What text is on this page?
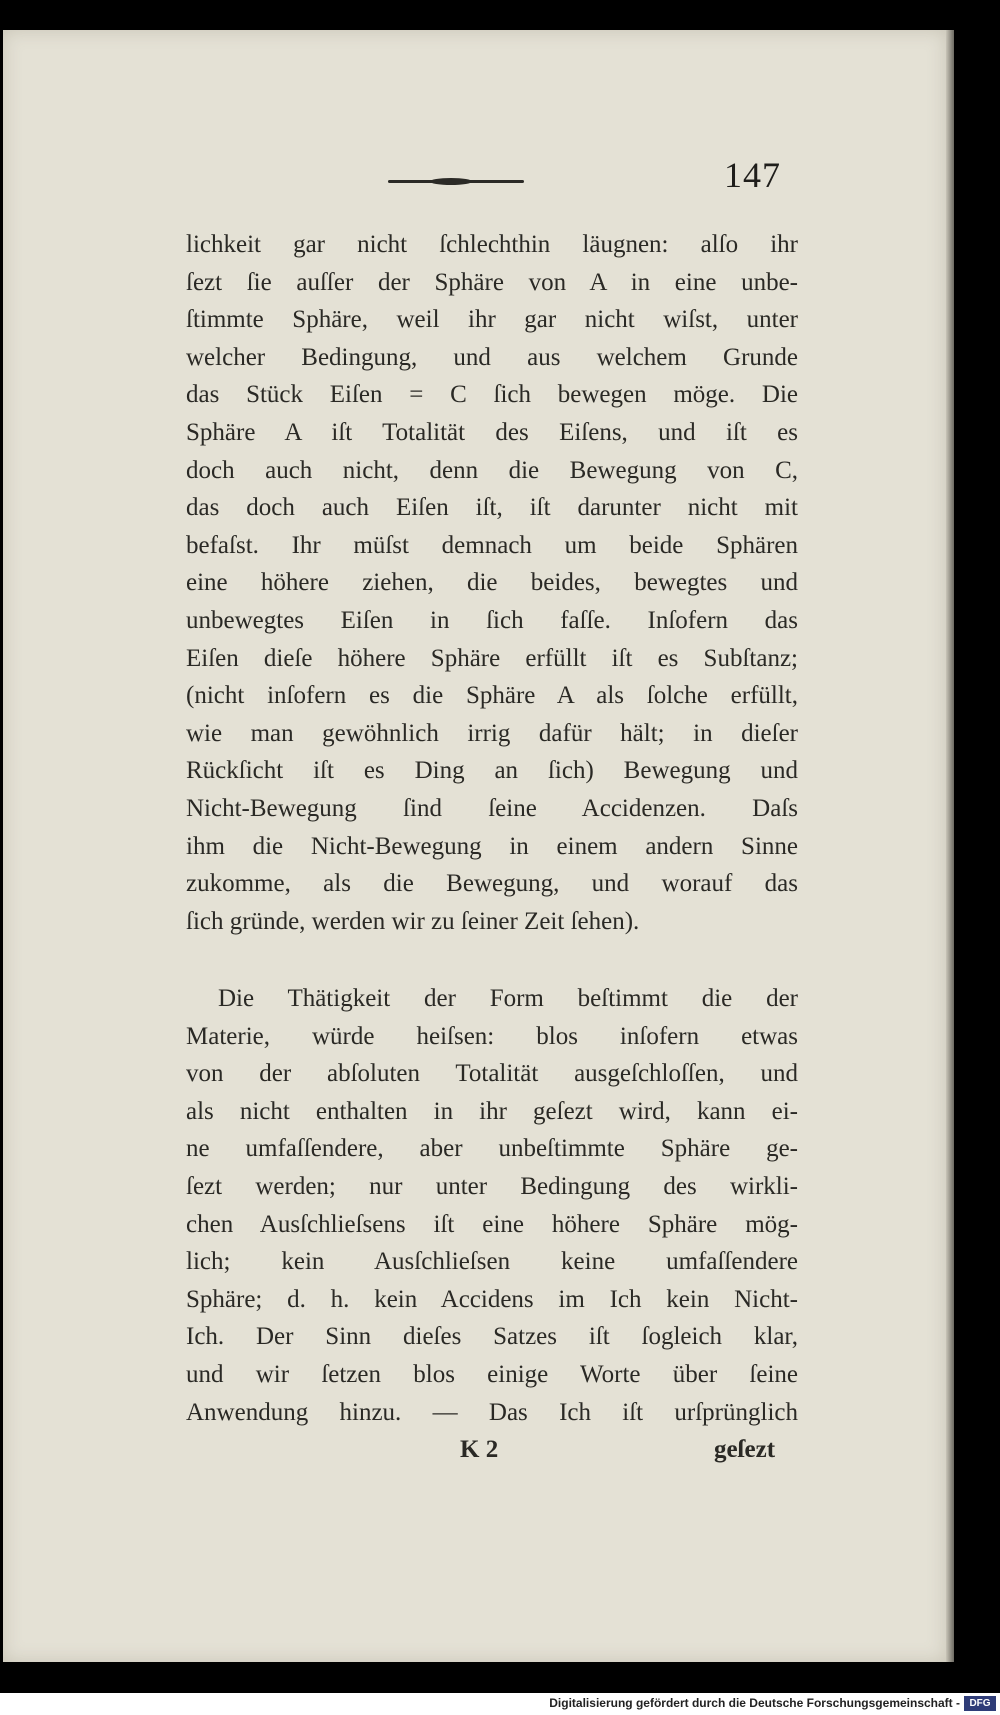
147
lichkeit gar nicht ſchlechthin läugnen: alſo ihr
ſezt ſie auſſer der Sphäre von A in eine unbe-
ſtimmte Sphäre, weil ihr gar nicht wiſst, unter
welcher Bedingung, und aus welchem Grunde
das Stück Eiſen = C ſich bewegen möge. Die
Sphäre A iſt Totalität des Eiſens, und iſt es
doch auch nicht, denn die Bewegung von C,
das doch auch Eiſen iſt, iſt darunter nicht mit
befaſst. Ihr müſst demnach um beide Sphären
eine höhere ziehen, die beides, bewegtes und
unbewegtes Eiſen in ſich faſſe. Inſofern das
Eiſen dieſe höhere Sphäre erfüllt iſt es Subſtanz;
(nicht inſofern es die Sphäre A als ſolche erfüllt,
wie man gewöhnlich irrig dafür hält; in dieſer
Rückſicht iſt es Ding an ſich) Bewegung und
Nicht-Bewegung ſind ſeine Accidenzen. Daſs
ihm die Nicht-Bewegung in einem andern Sinne
zukomme, als die Bewegung, und worauf das
ſich gründe, werden wir zu ſeiner Zeit ſehen).
Die Thätigkeit der Form beſtimmt die der
Materie, würde heiſsen: blos inſofern etwas
von der abſoluten Totalität ausgeſchloſſen, und
als nicht enthalten in ihr geſezt wird, kann ei-
ne umfaſſendere, aber unbeſtimmte Sphäre ge-
ſezt werden; nur unter Bedingung des wirkli-
chen Ausſchlieſsens iſt eine höhere Sphäre mög-
lich; kein Ausſchlieſsen keine umfaſſendere
Sphäre; d. h. kein Accidens im Ich kein Nicht-
Ich. Der Sinn dieſes Satzes iſt ſogleich klar,
und wir ſetzen blos einige Worte über ſeine
Anwendung hinzu. — Das Ich iſt urſprünglich
K 2	geſezt
Digitalisierung gefördert durch die Deutsche Forschungsgemeinschaft - DFG
